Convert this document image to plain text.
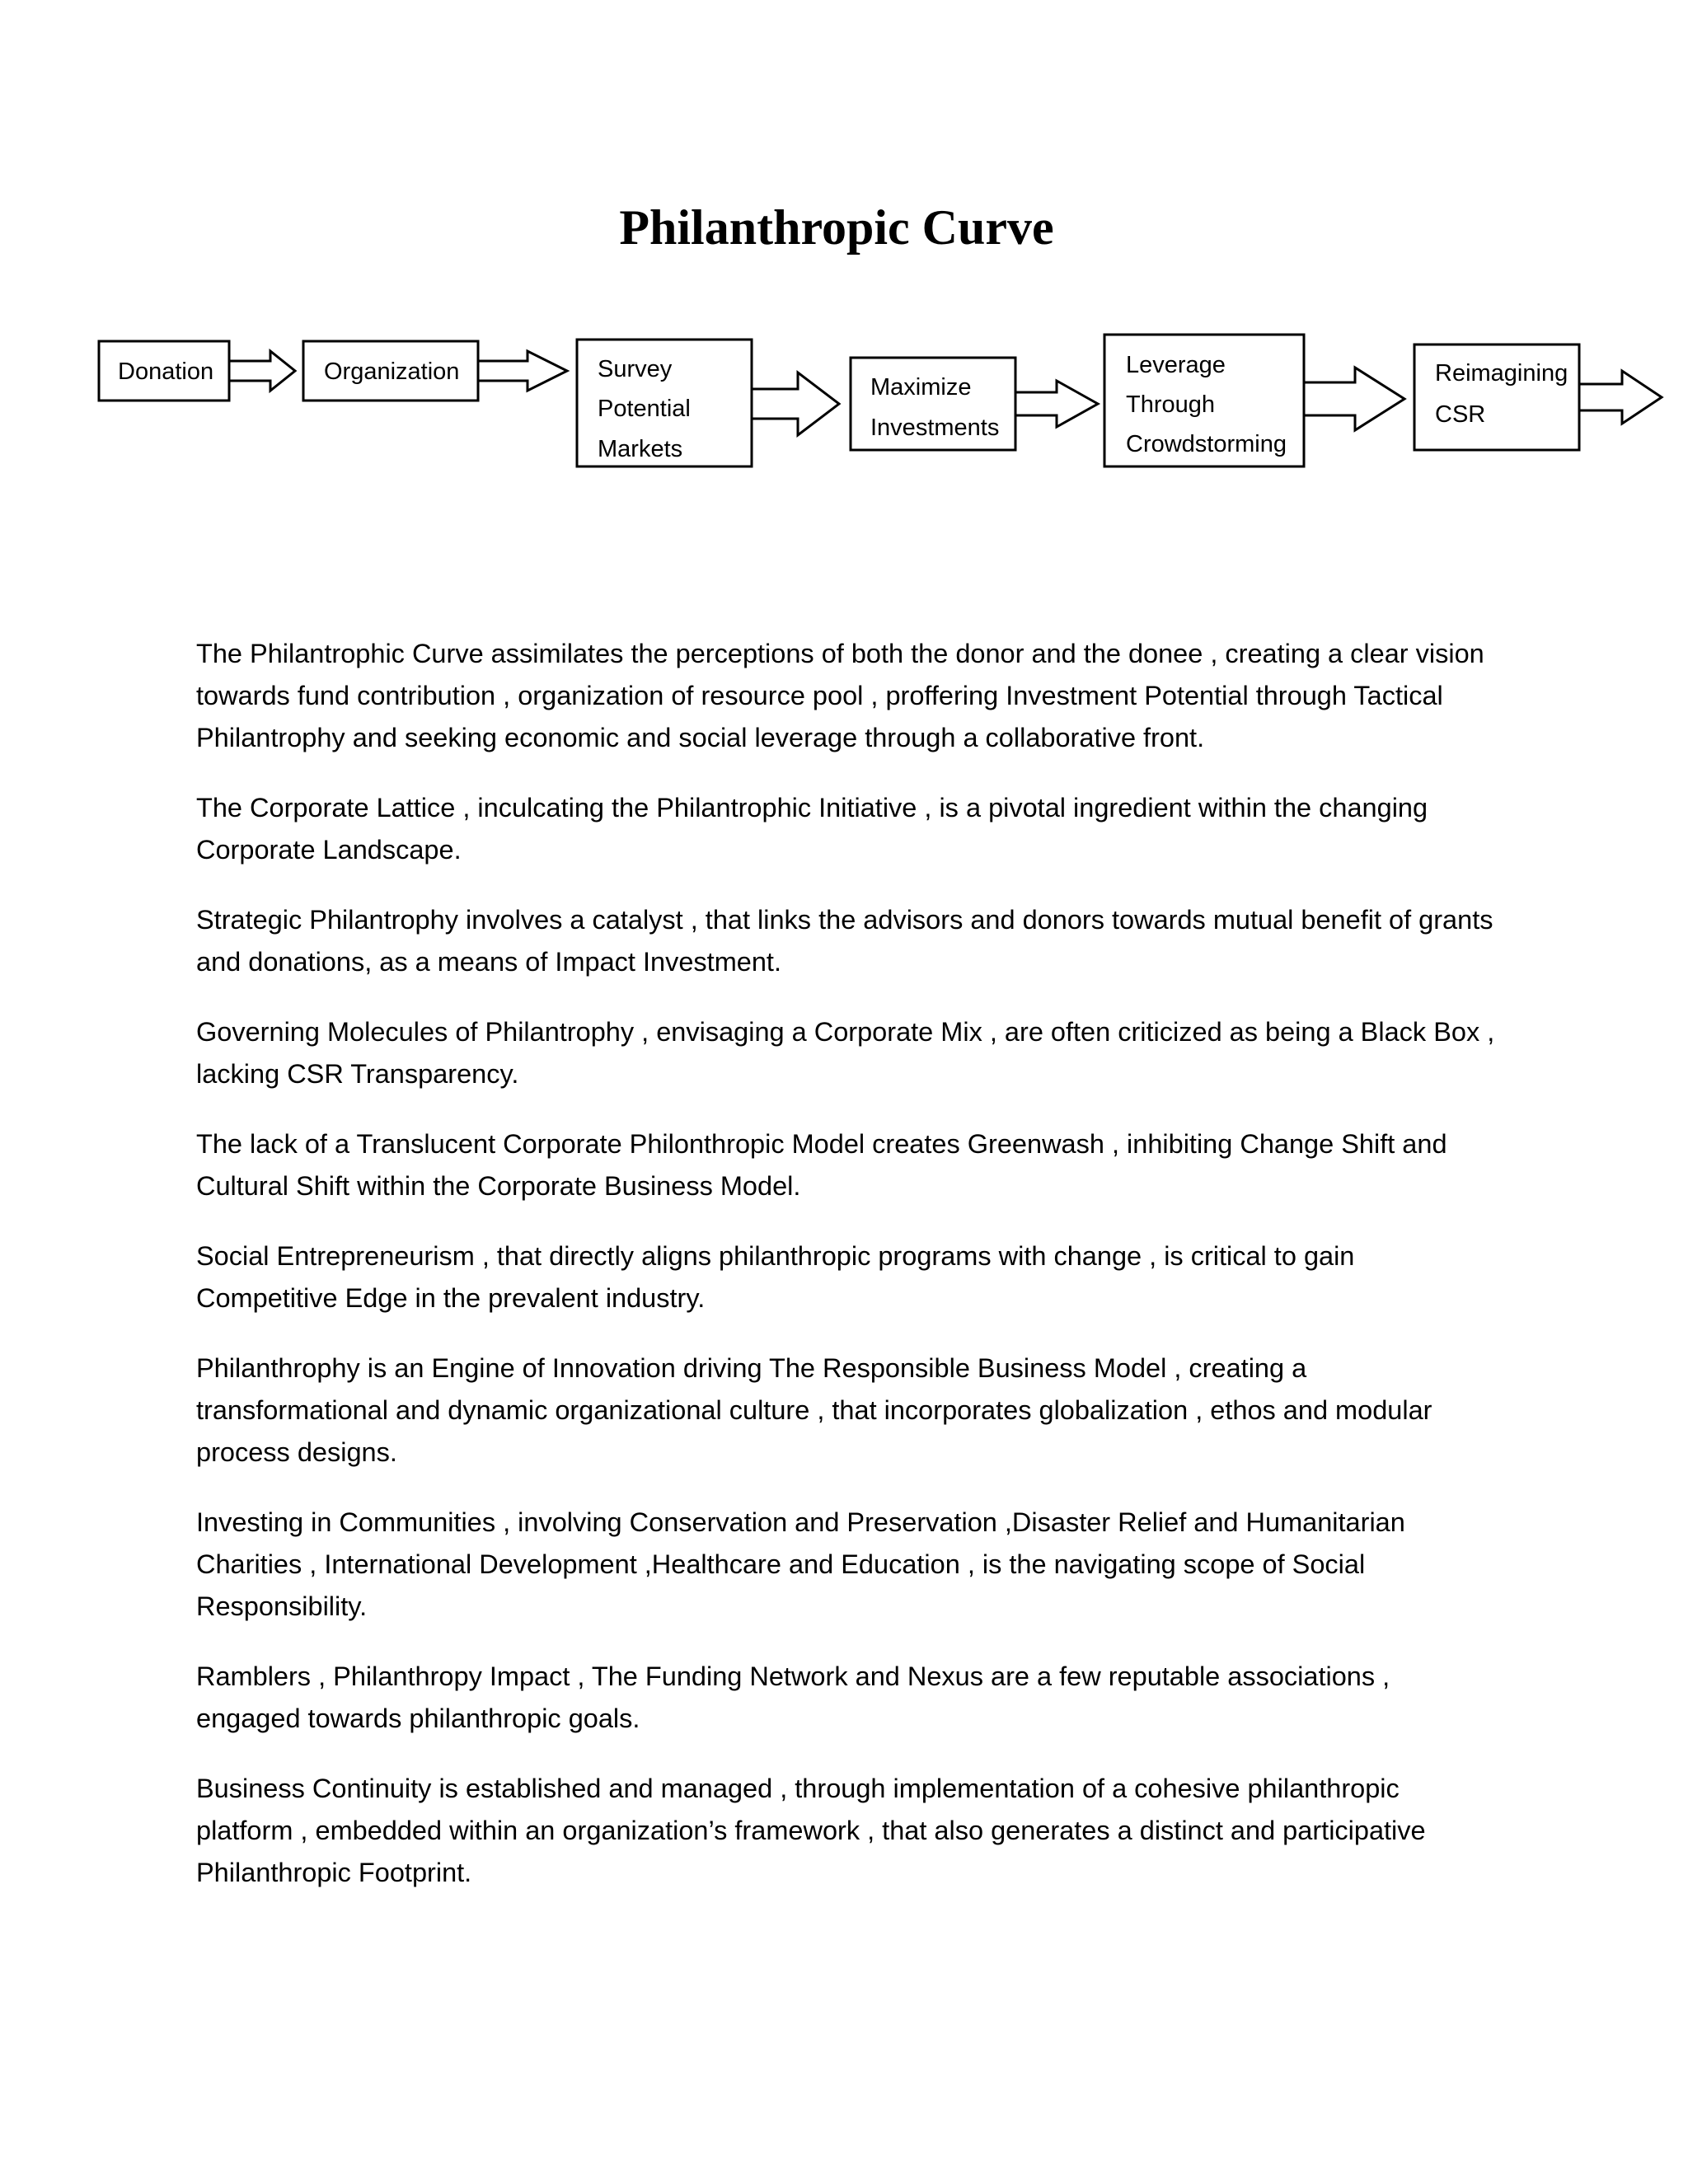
Philanthropic Curve
Donation	Organization	Survey
Potential
Markets
Maximize
Investments
Leverage
Through
Crowdstorming
Reimagining
CSR

The Philantrophic Curve assimilates the perceptions of both the donor and the donee , creating a clear vision towards fund contribution , organization of resource pool , proffering Investment Potential through Tactical Philantrophy and seeking economic and social leverage through a collaborative front.

The Corporate Lattice , inculcating the Philantrophic Initiative , is a pivotal ingredient within the changing Corporate Landscape.

Strategic Philantrophy involves a catalyst , that links the advisors and donors towards mutual benefit of grants and donations, as a means of Impact Investment.

Governing Molecules of Philantrophy , envisaging a Corporate Mix , are often criticized as being a Black Box , lacking CSR Transparency.

The lack of a Translucent Corporate Philonthropic Model creates Greenwash , inhibiting Change Shift and Cultural Shift within the Corporate Business Model.

Social Entrepreneurism , that directly aligns philanthropic programs with change , is critical to gain Competitive Edge in the prevalent industry.

Philanthrophy is an Engine of Innovation driving The Responsible Business Model , creating a transformational and dynamic organizational culture , that incorporates globalization , ethos and modular process designs.

Investing in Communities , involving Conservation and Preservation ,Disaster Relief and Humanitarian Charities , International Development ,Healthcare and Education , is the navigating scope of Social Responsibility.

Ramblers , Philanthropy Impact , The Funding Network and Nexus are a few reputable associations , engaged towards philanthropic goals.

Business Continuity is established and managed , through implementation of a cohesive philanthropic platform , embedded within an organization’s framework , that also generates a distinct and participative Philanthropic Footprint.
